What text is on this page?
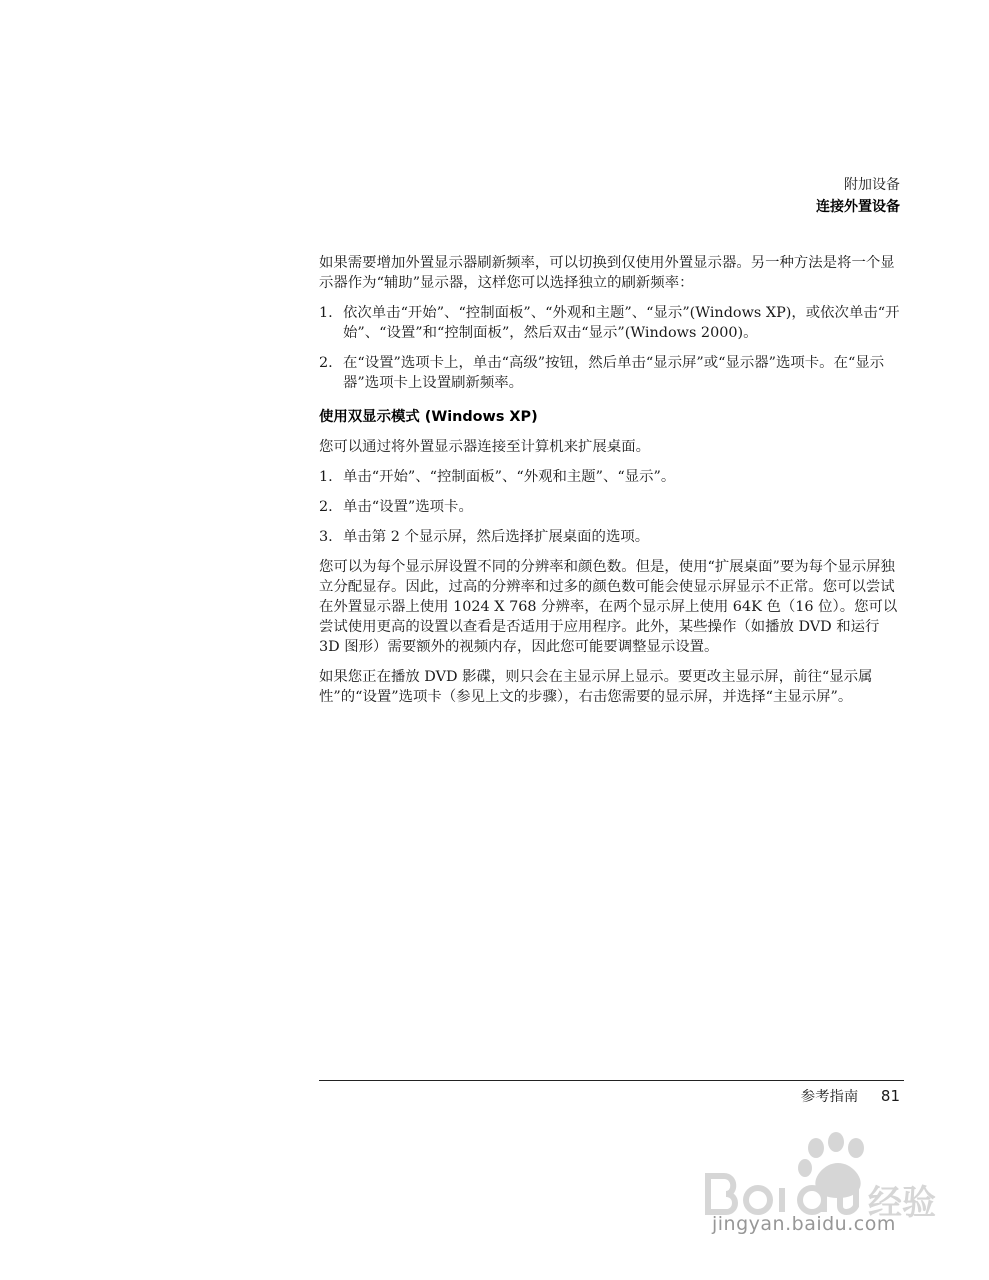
附加设备
连接外置设备

如果需要增加外置显示器刷新频率，可以切换到仅使用外置显示器。另一种方法是将一个显示器作为“辅助”显示器，这样您可以选择独立的刷新频率：

1. 依次单击“开始”、“控制面板”、“外观和主题”、“显示”(Windows XP)，或依次单击“开始”、“设置”和“控制面板”，然后双击“显示”(Windows 2000)。
2. 在“设置”选项卡上，单击“高级”按钮，然后单击“显示屏”或“显示器”选项卡。在“显示器”选项卡上设置刷新频率。
使用双显示模式 (Windows XP)

您可以通过将外置显示器连接至计算机来扩展桌面。

1. 单击“开始”、“控制面板”、“外观和主题”、“显示”。
2. 单击“设置”选项卡。
3. 单击第 2 个显示屏，然后选择扩展桌面的选项。

您可以为每个显示屏设置不同的分辨率和颜色数。但是，使用“扩展桌面”要为每个显示屏独立分配显存。因此，过高的分辨率和过多的颜色数可能会使显示屏显示不正常。您可以尝试在外置显示器上使用 1024 X 768 分辨率，在两个显示屏上使用 64K 色（16 位）。您可以尝试使用更高的设置以查看是否适用于应用程序。此外，某些操作（如播放 DVD 和运行 3D 图形）需要额外的视频内存，因此您可能要调整显示设置。

如果您正在播放 DVD 影碟，则只会在主显示屏上显示。要更改主显示屏，前往“显示属性”的“设置”选项卡（参见上文的步骤），右击您需要的显示屏，并选择“主显示屏”。

参考指南 81
经验
jingyan.baidu.com
